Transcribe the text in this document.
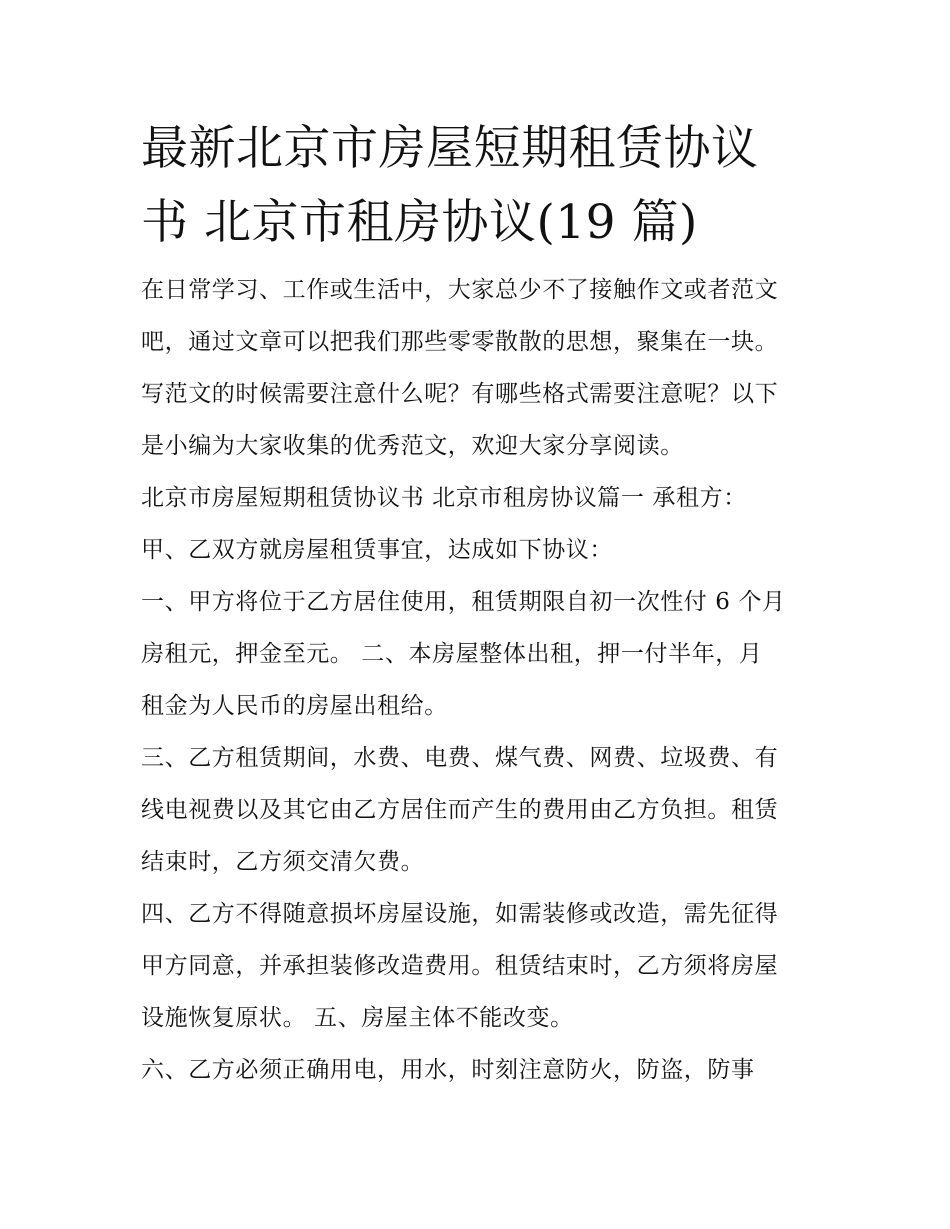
最新北京市房屋短期租赁协议
书 北京市租房协议(19 篇)

在日常学习、工作或生活中，大家总少不了接触作文或者范文
吧，通过文章可以把我们那些零零散散的思想，聚集在一块。
写范文的时候需要注意什么呢？有哪些格式需要注意呢？以下
是小编为大家收集的优秀范文，欢迎大家分享阅读。

北京市房屋短期租赁协议书 北京市租房协议篇一 承租方：

甲、乙双方就房屋租赁事宜，达成如下协议：

一、甲方将位于乙方居住使用，租赁期限自初一次性付 6 个月
房租元，押金至元。 二、本房屋整体出租，押一付半年，月
租金为人民币的房屋出租给。

三、乙方租赁期间，水费、电费、煤气费、网费、垃圾费、有
线电视费以及其它由乙方居住而产生的费用由乙方负担。租赁
结束时，乙方须交清欠费。

四、乙方不得随意损坏房屋设施，如需装修或改造，需先征得
甲方同意，并承担装修改造费用。租赁结束时，乙方须将房屋
设施恢复原状。 五、房屋主体不能改变。

六、乙方必须正确用电，用水，时刻注意防火，防盗，防事
